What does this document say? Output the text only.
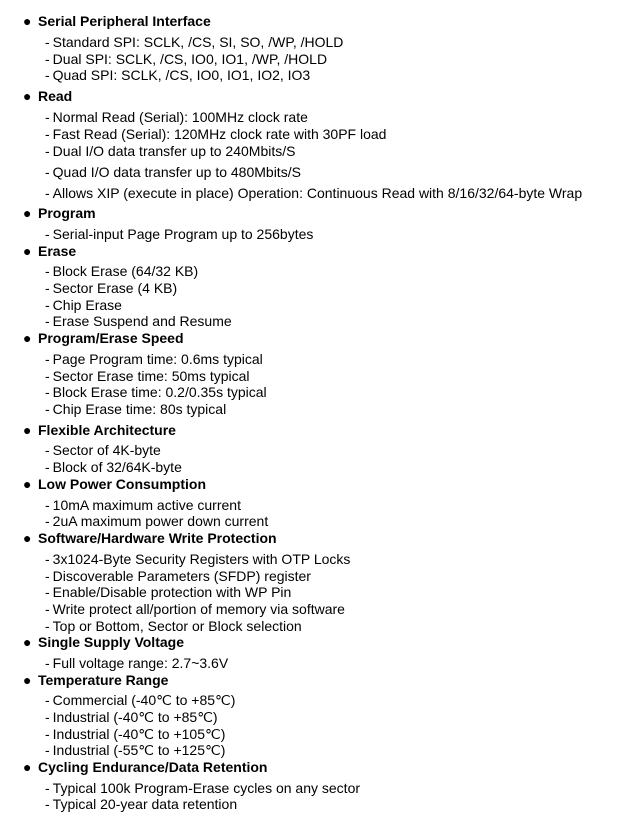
● Serial Peripheral Interface
- Standard SPI: SCLK, /CS, SI, SO, /WP, /HOLD
- Dual SPI: SCLK, /CS, IO0, IO1, /WP, /HOLD
- Quad SPI: SCLK, /CS, IO0, IO1, IO2, IO3
● Read
- Normal Read (Serial): 100MHz clock rate
- Fast Read (Serial): 120MHz clock rate with 30PF load
- Dual I/O data transfer up to 240Mbits/S
- Quad I/O data transfer up to 480Mbits/S
- Allows XIP (execute in place) Operation: Continuous Read with 8/16/32/64-byte Wrap
● Program
- Serial-input Page Program up to 256bytes
● Erase
- Block Erase (64/32 KB)
- Sector Erase (4 KB)
- Chip Erase
- Erase Suspend and Resume
● Program/Erase Speed
- Page Program time: 0.6ms typical
- Sector Erase time: 50ms typical
- Block Erase time: 0.2/0.35s typical
- Chip Erase time: 80s typical
● Flexible Architecture
- Sector of 4K-byte
- Block of 32/64K-byte
● Low Power Consumption
- 10mA maximum active current
- 2uA maximum power down current
● Software/Hardware Write Protection
- 3x1024-Byte Security Registers with OTP Locks
- Discoverable Parameters (SFDP) register
- Enable/Disable protection with WP Pin
- Write protect all/portion of memory via software
- Top or Bottom, Sector or Block selection
● Single Supply Voltage
- Full voltage range: 2.7~3.6V
● Temperature Range
- Commercial (-40℃ to +85℃)
- Industrial (-40℃ to +85℃)
- Industrial (-40℃ to +105℃)
- Industrial (-55℃ to +125℃)
● Cycling Endurance/Data Retention
- Typical 100k Program-Erase cycles on any sector
- Typical 20-year data retention
